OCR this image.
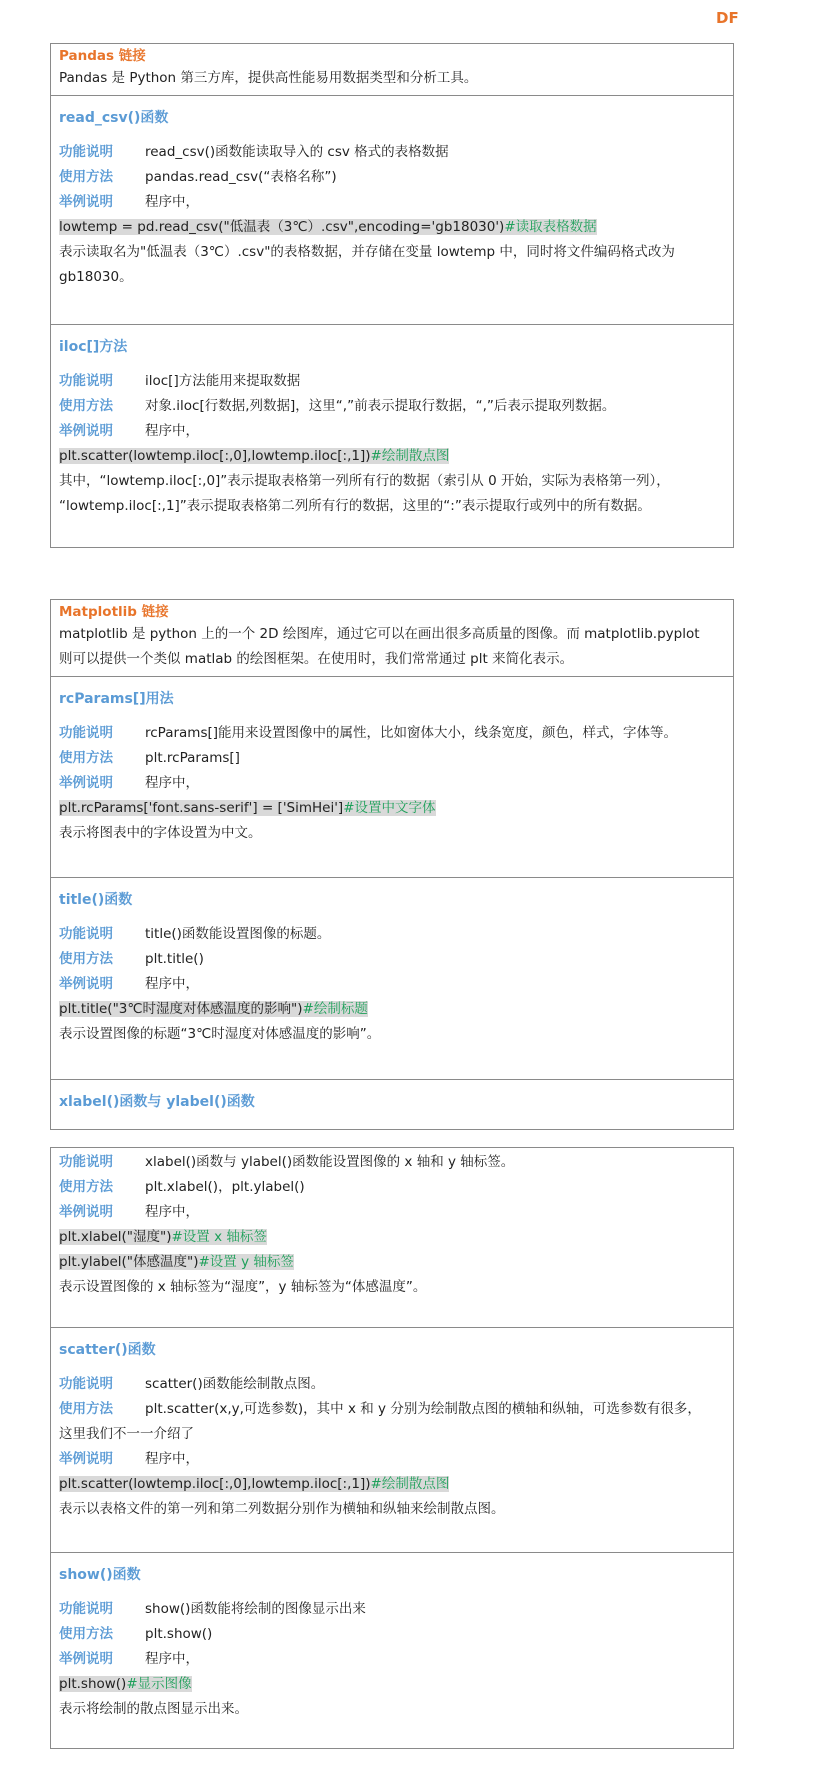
DF
Pandas 链接
Pandas 是 Python 第三方库，提供高性能易用数据类型和分析工具。
read_csv()函数
功能说明 read_csv()函数能读取导入的 csv 格式的表格数据
使用方法 pandas.read_csv(“表格名称”)
举例说明 程序中，
lowtemp = pd.read_csv("低温表（3℃）.csv",encoding='gb18030')#读取表格数据
表示读取名为"低温表（3℃）.csv"的表格数据，并存储在变量 lowtemp 中，同时将文件编码格式改为
gb18030。
iloc[]方法
功能说明 iloc[]方法能用来提取数据
使用方法 对象.iloc[行数据,列数据]，这里“,”前表示提取行数据，“,”后表示提取列数据。
举例说明 程序中，
plt.scatter(lowtemp.iloc[:,0],lowtemp.iloc[:,1])#绘制散点图
其中，“lowtemp.iloc[:,0]”表示提取表格第一列所有行的数据（索引从 0 开始，实际为表格第一列），
“lowtemp.iloc[:,1]”表示提取表格第二列所有行的数据，这里的“:”表示提取行或列中的所有数据。
Matplotlib 链接
matplotlib 是 python 上的一个 2D 绘图库，通过它可以在画出很多高质量的图像。而 matplotlib.pyplot
则可以提供一个类似 matlab 的绘图框架。在使用时，我们常常通过 plt 来简化表示。
rcParams[]用法
功能说明 rcParams[]能用来设置图像中的属性，比如窗体大小，线条宽度，颜色，样式，字体等。
使用方法 plt.rcParams[]
举例说明 程序中，
plt.rcParams['font.sans-serif'] = ['SimHei']#设置中文字体
表示将图表中的字体设置为中文。
title()函数
功能说明 title()函数能设置图像的标题。
使用方法 plt.title()
举例说明 程序中，
plt.title("3℃时湿度对体感温度的影响")#绘制标题
表示设置图像的标题“3℃时湿度对体感温度的影响”。
xlabel()函数与 ylabel()函数
功能说明 xlabel()函数与 ylabel()函数能设置图像的 x 轴和 y 轴标签。
使用方法 plt.xlabel()，plt.ylabel()
举例说明 程序中，
plt.xlabel("湿度")#设置 x 轴标签
plt.ylabel("体感温度")#设置 y 轴标签
表示设置图像的 x 轴标签为“湿度”，y 轴标签为“体感温度”。
scatter()函数
功能说明 scatter()函数能绘制散点图。
使用方法 plt.scatter(x,y,可选参数)，其中 x 和 y 分别为绘制散点图的横轴和纵轴，可选参数有很多，
这里我们不一一介绍了
举例说明 程序中，
plt.scatter(lowtemp.iloc[:,0],lowtemp.iloc[:,1])#绘制散点图
表示以表格文件的第一列和第二列数据分别作为横轴和纵轴来绘制散点图。
show()函数
功能说明 show()函数能将绘制的图像显示出来
使用方法 plt.show()
举例说明 程序中，
plt.show()#显示图像
表示将绘制的散点图显示出来。
